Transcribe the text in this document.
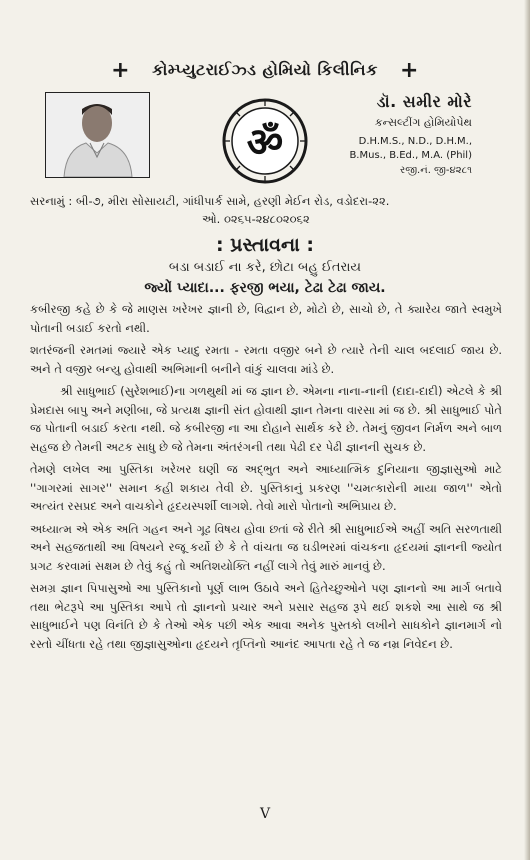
+ કોમ્પ્યુટરાઈઝ્ડ હોમિયો કિલીનિક +
ॐ
ડૉ. સમીર મોરે
કન્સલ્ટીંગ હોમિયોપેથ
D.H.M.S., N.D., D.H.M.,
B.Mus., B.Ed., M.A. (Phil)
રજી.નં. જી-૪૨૮૧
સરનામું : બી-૭, મીરા સોસાયટી, ગાંધીપાર્ક સામે, હરણી મેઈન રોડ, વડોદરા-૨૨.
ઓ. ૦૨૬૫-૨૪૮૦૨૦૬૨
: પ્રસ્તાવના :
બડા બડાઈ ના કરે, છોટા બહુ ઈતરાય
જ્યોં પ્યાદા... ફરજી ભયા, ટેઢા ટેઢા જાય.

કબીરજી કહે છે કે જે માણસ ખરેખર જ્ઞાની છે, વિદ્વાન છે, મોટો છે, સાચો છે, તે ક્યારેય જાતે સ્વમુખે પોતાની બડાઈ કરતો નથી.

શતરંજની રમતમાં જ્યારે એક પ્યાદુ રમતા - રમતા વજીર બને છે ત્યારે તેની ચાલ બદલાઈ જાય છે. અને તે વજીર બન્યુ હોવાથી અભિમાની બનીને વાંકું ચાલવા માંડે છે.

શ્રી સાધુભાઈ (સુરેશભાઈ)ના ગળથુથી માં જ જ્ઞાન છે. એમના નાના-નાની (દાદા-દાદી) એટલે કે શ્રી પ્રેમદાસ બાપુ અને મણીબા, જે પ્રત્યક્ષ જ્ઞાની સંત હોવાથી જ્ઞાન તેમના વારસા માં જ છે. શ્રી સાધુભાઈ પોતે જ પોતાની બડાઈ કરતા નથી. જે કબીરજી ના આ દોહાને સાર્થક કરે છે. તેમનું જીવન નિર્મળ અને બાળ સહજ છે તેમની અટક સાધુ છે જે તેમના અંતરંગની તથા પેઢી દર પેઢી જ્ઞાનની સુચક છે.

તેમણે લખેલ આ પુસ્તિકા ખરેખર ઘણી જ અદ્ભુત અને આધ્યાત્મિક દુનિયાના જીજ્ઞાસુઓ માટે ''ગાગરમાં સાગર'' સમાન કહી શકાય તેવી છે. પુસ્તિકાનું પ્રકરણ ''ચમત્કારોની માયા જાળ'' એતો અત્યંત રસપ્રદ અને વાચકોને હૃદયસ્પર્શી લાગશે. તેવો મારો પોતાનો અભિપ્રાય છે.

અધ્યાત્મ એ એક અતિ ગહન અને ગૂઢ વિષય હોવા છતાં જે રીતે શ્રી સાધુભાઈએ અહીં અતિ સરળતાથી અને સહજતાથી આ વિષયને રજૂ કર્યો છે કે તે વાંચતા જ ઘડીભરમાં વાંચકના હૃદયમાં જ્ઞાનની જ્યોત પ્રગટ કરવામાં સક્ષમ છે તેવું કહું તો અતિશયોક્તિ નહીં લાગે તેવું મારું માનવું છે.

સમગ્ર જ્ઞાન પિપાસુઓ આ પુસ્તિકાનો પૂર્ણ લાભ ઉઠાવે અને હિતેચ્છુઓને પણ જ્ઞાનનો આ માર્ગ બતાવે તથા ભેટરૂપે આ પુસ્તિકા આપે તો જ્ઞાનનો પ્રચાર અને પ્રસાર સહજ રૂપે થઈ શકશે આ સાથે જ શ્રી સાધુભાઈને પણ વિનંતિ છે કે તેઓ એક પછી એક આવા અનેક પુસ્તકો લખીને સાધકોને જ્ઞાનમાર્ગ નો રસ્તો ચીંધતા રહે તથા જીજ્ઞાસુઓના હૃદયને તૃપ્તિનો આનંદ આપતા રહે તે જ નમ્ર નિવેદન છે.

V
